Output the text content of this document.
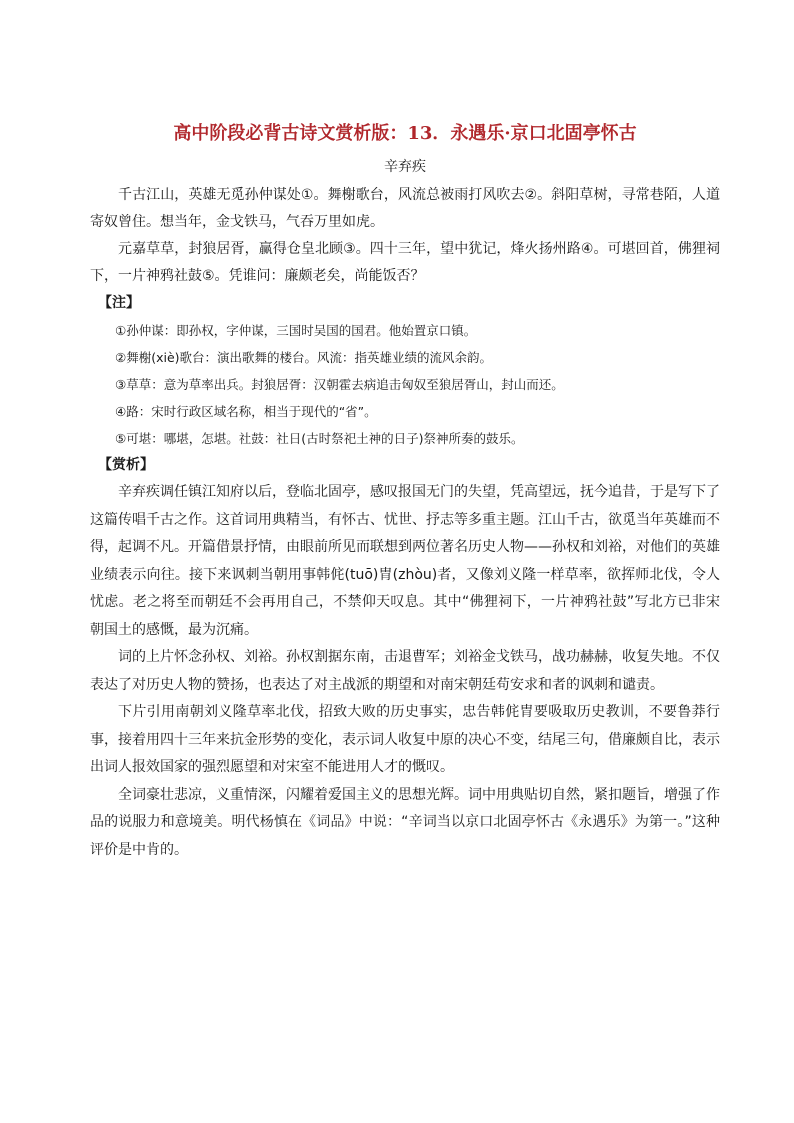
高中阶段必背古诗文赏析版：13．永遇乐·京口北固亭怀古
辛弃疾

千古江山，英雄无觅孙仲谋处①。舞榭歌台，风流总被雨打风吹去②。斜阳草树，寻常巷陌，人道寄奴曾住。想当年，金戈铁马，气吞万里如虎。

元嘉草草，封狼居胥，赢得仓皇北顾③。四十三年，望中犹记，烽火扬州路④。可堪回首，佛狸祠下，一片神鸦社鼓⑤。凭谁问：廉颇老矣，尚能饭否？

【注】

①孙仲谋：即孙权，字仲谋，三国时吴国的国君。他始置京口镇。

②舞榭(xiè)歌台：演出歌舞的楼台。风流：指英雄业绩的流风余韵。

③草草：意为草率出兵。封狼居胥：汉朝霍去病追击匈奴至狼居胥山，封山而还。

④路：宋时行政区域名称，相当于现代的“省”。

⑤可堪：哪堪，怎堪。社鼓：社日(古时祭祀土神的日子)祭神所奏的鼓乐。

【赏析】

辛弃疾调任镇江知府以后，登临北固亭，感叹报国无门的失望，凭高望远，抚今追昔，于是写下了这篇传唱千古之作。这首词用典精当，有怀古、忧世、抒志等多重主题。江山千古，欲觅当年英雄而不得，起调不凡。开篇借景抒情，由眼前所见而联想到两位著名历史人物——孙权和刘裕，对他们的英雄业绩表示向往。接下来讽刺当朝用事韩侂(tuō)胄(zhòu)者，又像刘义隆一样草率，欲挥师北伐，令人忧虑。老之将至而朝廷不会再用自己，不禁仰天叹息。其中“佛狸祠下，一片神鸦社鼓”写北方已非宋朝国土的感慨，最为沉痛。

词的上片怀念孙权、刘裕。孙权割据东南，击退曹军；刘裕金戈铁马，战功赫赫，收复失地。不仅表达了对历史人物的赞扬，也表达了对主战派的期望和对南宋朝廷苟安求和者的讽刺和谴责。

下片引用南朝刘义隆草率北伐，招致大败的历史事实，忠告韩侂胄要吸取历史教训，不要鲁莽行事，接着用四十三年来抗金形势的变化，表示词人收复中原的决心不变，结尾三句，借廉颇自比，表示出词人报效国家的强烈愿望和对宋室不能进用人才的慨叹。

全词豪壮悲凉，义重情深，闪耀着爱国主义的思想光辉。词中用典贴切自然，紧扣题旨，增强了作品的说服力和意境美。明代杨慎在《词品》中说：“辛词当以京口北固亭怀古《永遇乐》为第一。”这种评价是中肯的。
